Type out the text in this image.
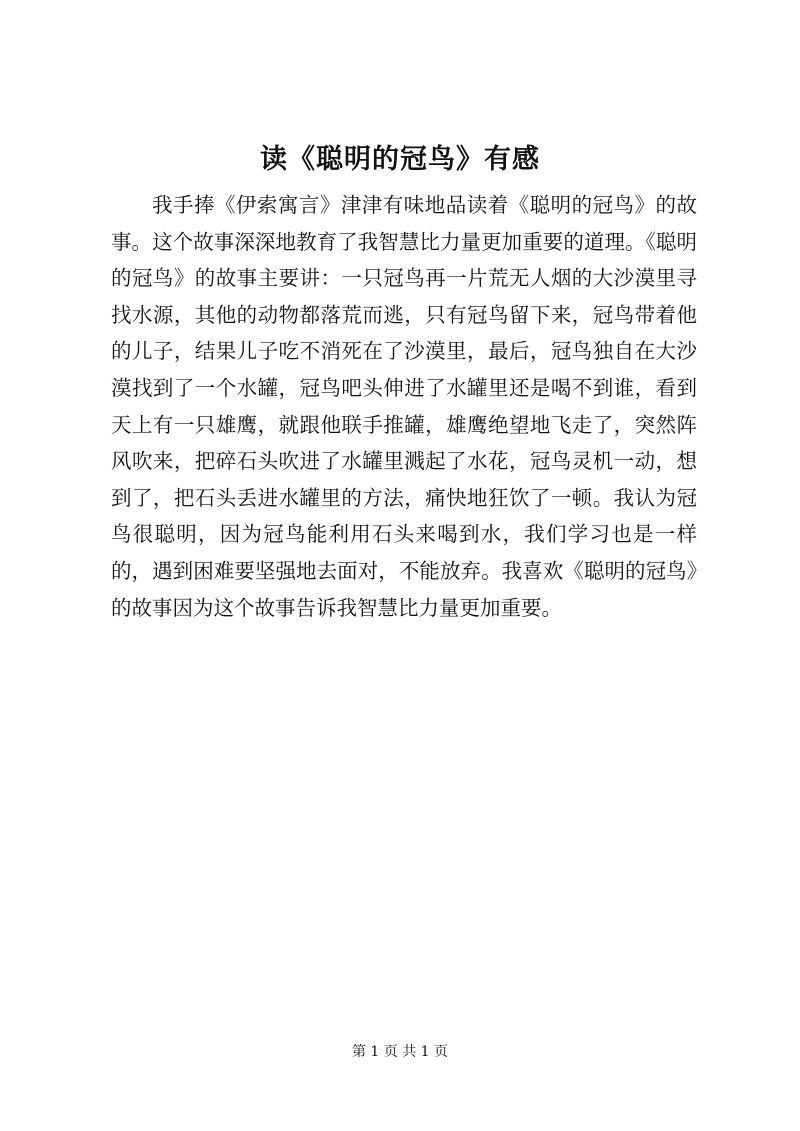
读《聪明的冠鸟》有感

我手捧《伊索寓言》津津有味地品读着《聪明的冠鸟》的故事。这个故事深深地教育了我智慧比力量更加重要的道理。《聪明的冠鸟》的故事主要讲：一只冠鸟再一片荒无人烟的大沙漠里寻找水源，其他的动物都落荒而逃，只有冠鸟留下来，冠鸟带着他的儿子，结果儿子吃不消死在了沙漠里，最后，冠鸟独自在大沙漠找到了一个水罐，冠鸟吧头伸进了水罐里还是喝不到谁，看到天上有一只雄鹰，就跟他联手推罐，雄鹰绝望地飞走了，突然阵风吹来，把碎石头吹进了水罐里溅起了水花，冠鸟灵机一动，想到了，把石头丢进水罐里的方法，痛快地狂饮了一顿。我认为冠鸟很聪明，因为冠鸟能利用石头来喝到水，我们学习也是一样的，遇到困难要坚强地去面对，不能放弃。我喜欢《聪明的冠鸟》的故事因为这个故事告诉我智慧比力量更加重要。

第 1 页 共 1 页
